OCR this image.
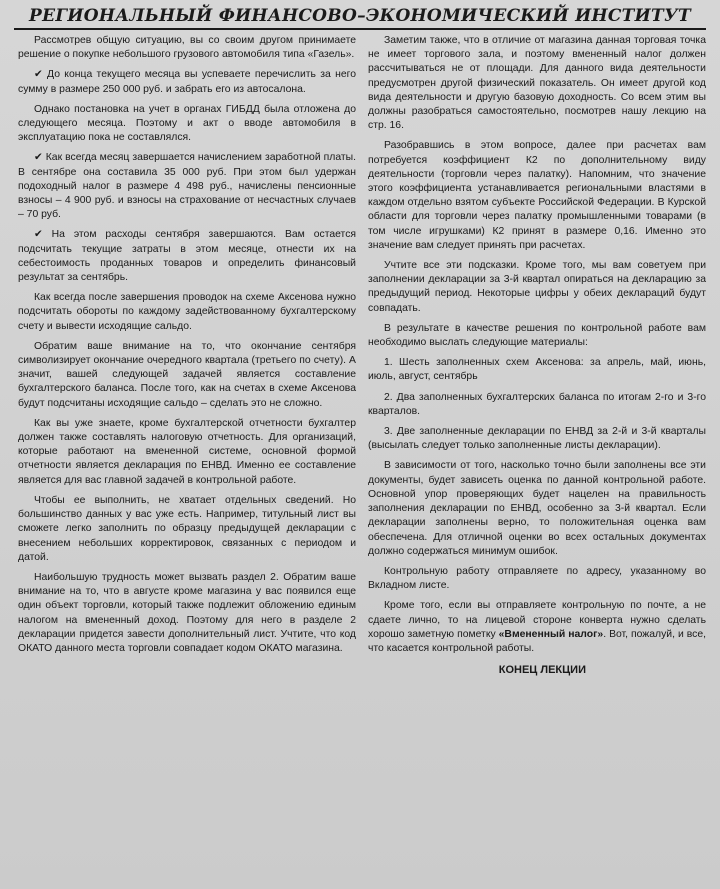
РЕГИОНАЛЬНЫЙ ФИНАНСОВО–ЭКОНОМИЧЕСКИЙ ИНСТИТУТ

Рассмотрев общую ситуацию, вы со своим другом принимаете решение о покупке небольшого грузового автомобиля типа «Газель».

✔ До конца текущего месяца вы успеваете перечислить за него сумму в размере 250 000 руб. и забрать его из автосалона.

Однако постановка на учет в органах ГИБДД была отложена до следующего месяца. Поэтому и акт о вводе автомобиля в эксплуатацию пока не составлялся.

✔ Как всегда месяц завершается начислением заработной платы. В сентябре она составила 35 000 руб. При этом был удержан подоходный налог в размере 4 498 руб., начислены пенсионные взносы – 4 900 руб. и взносы на страхование от несчастных случаев – 70 руб.

✔ На этом расходы сентября завершаются. Вам остается подсчитать текущие затраты в этом месяце, отнести их на себестоимость проданных товаров и определить финансовый результат за сентябрь.

Как всегда после завершения проводок на схеме Аксенова нужно подсчитать обороты по каждому задействованному бухгалтерскому счету и вывести исходящие сальдо.

Обратим ваше внимание на то, что окончание сентября символизирует окончание очередного квартала (третьего по счету). А значит, вашей следующей задачей является составление бухгалтерского баланса. После того, как на счетах в схеме Аксенова будут подсчитаны исходящие сальдо – сделать это не сложно.

Как вы уже знаете, кроме бухгалтерской отчетности бухгалтер должен также составлять налоговую отчетность. Для организаций, которые работают на вмененной системе, основной формой отчетности является декларация по ЕНВД. Именно ее составление является для вас главной задачей в контрольной работе.

Чтобы ее выполнить, не хватает отдельных сведений. Но большинство данных у вас уже есть. Например, титульный лист вы сможете легко заполнить по образцу предыдущей декларации с внесением небольших корректировок, связанных с периодом и датой.

Наибольшую трудность может вызвать раздел 2. Обратим ваше внимание на то, что в августе кроме магазина у вас появился еще один объект торговли, который также подлежит обложению единым налогом на вмененный доход. Поэтому для него в разделе 2 декларации придется завести дополнительный лист. Учтите, что код ОКАТО данного места торговли совпадает кодом ОКАТО магазина.

Заметим также, что в отличие от магазина данная торговая точка не имеет торгового зала, и поэтому вмененный налог должен рассчитываться не от площади. Для данного вида деятельности предусмотрен другой физический показатель. Он имеет другой код вида деятельности и другую базовую доходность. Со всем этим вы должны разобраться самостоятельно, посмотрев нашу лекцию на стр. 16.

Разобравшись в этом вопросе, далее при расчетах вам потребуется коэффициент К2 по дополнительному виду деятельности (торговли через палатку). Напомним, что значение этого коэффициента устанавливается региональными властями в каждом отдельно взятом субъекте Российской Федерации. В Курской области для торговли через палатку промышленными товарами (в том числе игрушками) К2 принят в размере 0,16. Именно это значение вам следует принять при расчетах.

Учтите все эти подсказки. Кроме того, мы вам советуем при заполнении декларации за 3-й квартал опираться на декларацию за предыдущий период. Некоторые цифры у обеих деклараций будут совпадать.

В результате в качестве решения по контрольной работе вам необходимо выслать следующие материалы:

1. Шесть заполненных схем Аксенова: за апрель, май, июнь, июль, август, сентябрь

2. Два заполненных бухгалтерских баланса по итогам 2-го и 3-го кварталов.

3. Две заполненные декларации по ЕНВД за 2-й и 3-й кварталы (высылать следует только заполненные листы декларации).

В зависимости от того, насколько точно были заполнены все эти документы, будет зависеть оценка по данной контрольной работе. Основной упор проверяющих будет нацелен на правильность заполнения декларации по ЕНВД, особенно за 3-й квартал. Если декларации заполнены верно, то положительная оценка вам обеспечена. Для отличной оценки во всех остальных документах должно содержаться минимум ошибок.

Контрольную работу отправляете по адресу, указанному во Вкладном листе.

Кроме того, если вы отправляете контрольную по почте, а не сдаете лично, то на лицевой стороне конверта нужно сделать хорошо заметную пометку «Вмененный налог». Вот, пожалуй, и все, что касается контрольной работы.

КОНЕЦ ЛЕКЦИИ
